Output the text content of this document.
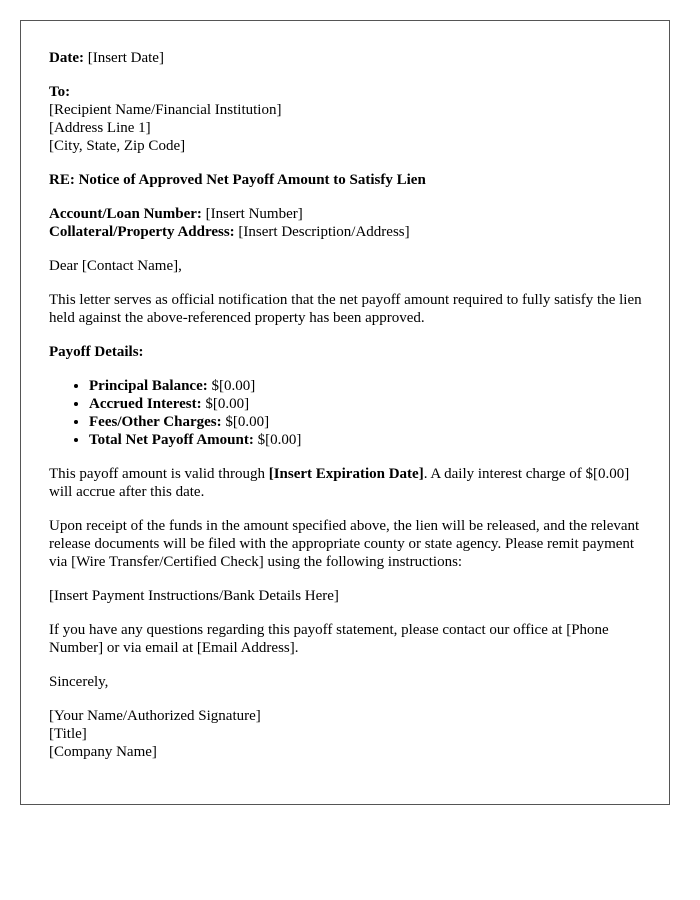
Date: [Insert Date]

To:
[Recipient Name/Financial Institution]
[Address Line 1]
[City, State, Zip Code]

RE: Notice of Approved Net Payoff Amount to Satisfy Lien

Account/Loan Number: [Insert Number]
Collateral/Property Address: [Insert Description/Address]

Dear [Contact Name],

This letter serves as official notification that the net payoff amount required to fully satisfy the lien held against the above-referenced property has been approved.

Payoff Details:

• Principal Balance: $[0.00]
• Accrued Interest: $[0.00]
• Fees/Other Charges: $[0.00]
• Total Net Payoff Amount: $[0.00]

This payoff amount is valid through [Insert Expiration Date]. A daily interest charge of $[0.00] will accrue after this date.

Upon receipt of the funds in the amount specified above, the lien will be released, and the relevant release documents will be filed with the appropriate county or state agency. Please remit payment via [Wire Transfer/Certified Check] using the following instructions:

[Insert Payment Instructions/Bank Details Here]

If you have any questions regarding this payoff statement, please contact our office at [Phone Number] or via email at [Email Address].

Sincerely,

[Your Name/Authorized Signature]
[Title]
[Company Name]
